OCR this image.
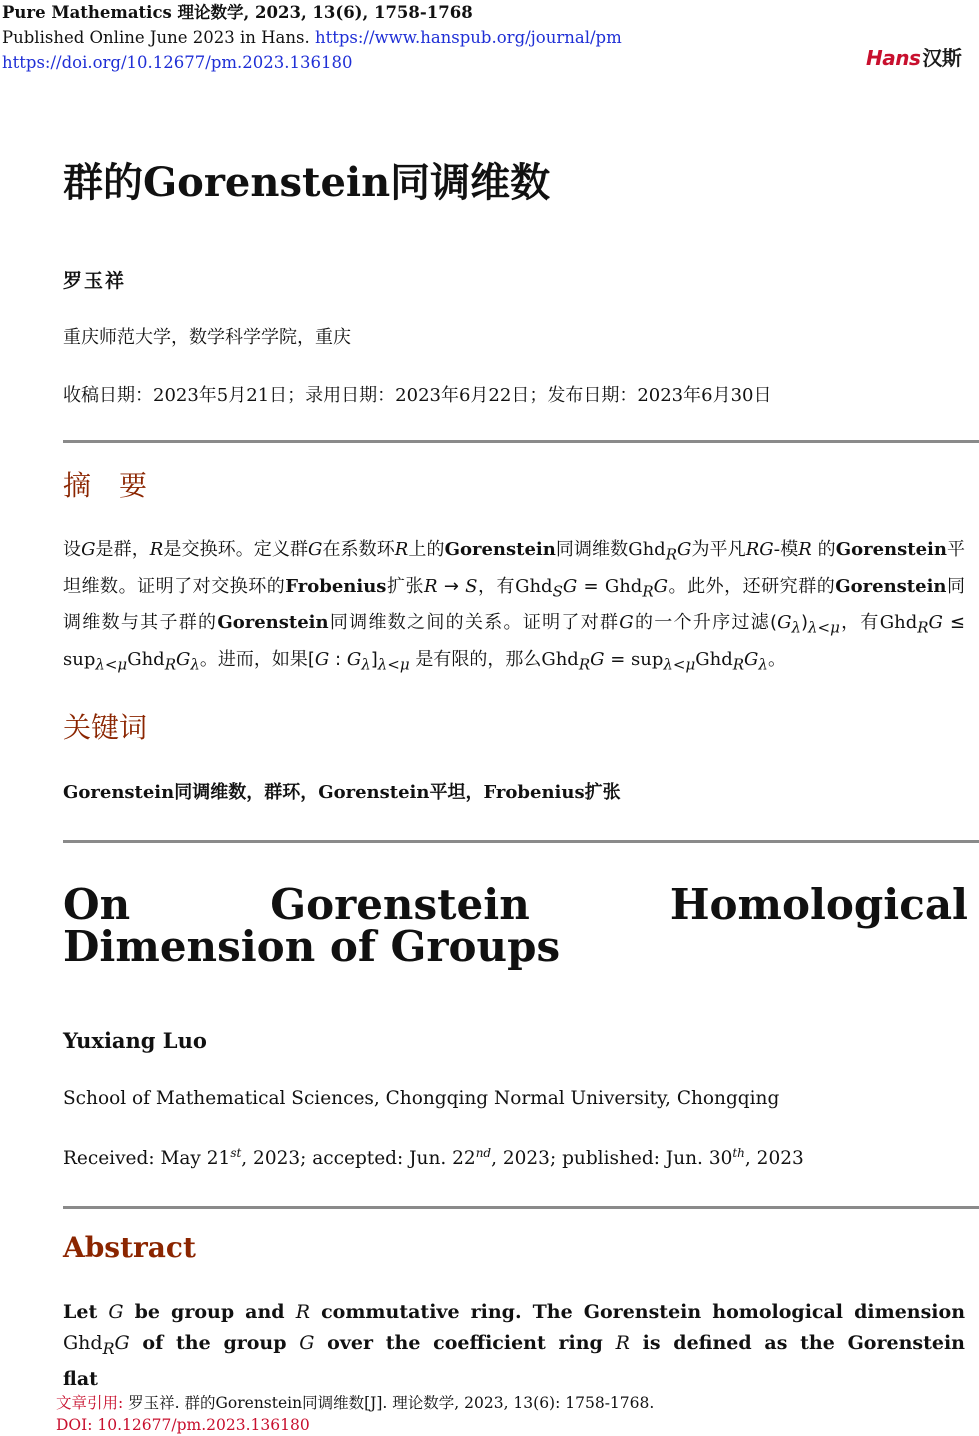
Pure Mathematics 理论数学, 2023, 13(6), 1758-1768
Published Online June 2023 in Hans. https://www.hanspub.org/journal/pm
https://doi.org/10.12677/pm.2023.136180	Hans 汉斯
群的Gorenstein同调维数
罗玉祥
重庆师范大学，数学科学学院，重庆
收稿日期：2023年5月21日；录用日期：2023年6月22日；发布日期：2023年6月30日
摘　要
设G是群，R是交换环。定义群G在系数环R上的Gorenstein同调维数Ghd$_R$G为平凡RG-模R 的Gorenstein平坦维数。证明了对交换环的Frobenius扩张R → S，有Ghd$_S$G = Ghd$_R$G。此外，还研究群的Gorenstein同调维数与其子群的Gorenstein同调维数之间的关系。证明了对群G的一个升序过滤$(G_\lambda)_{\lambda<\mu}$，有$Ghd_RG \le sup_{\lambda<\mu}Ghd_RG_\lambda$。进而，如果[G : $G_\lambda]_{\lambda<\mu}$ 是有限的，那么$Ghd_RG = sup_{\lambda<\mu}Ghd_RG_\lambda$。
关键词
Gorenstein同调维数，群环，Gorenstein平坦，Frobenius扩张
On Gorenstein Homological Dimension of Groups
Yuxiang Luo
School of Mathematical Sciences, Chongqing Normal University, Chongqing
Received: May 21st, 2023; accepted: Jun. 22nd, 2023; published: Jun. 30th, 2023
Abstract
Let G be group and R commutative ring. The Gorenstein homological dimension Ghd$_R$G of the group G over the coefficient ring R is defined as the Gorenstein flat
文章引用: 罗玉祥. 群的Gorenstein同调维数[J]. 理论数学, 2023, 13(6): 1758-1768.
DOI: 10.12677/pm.2023.136180
